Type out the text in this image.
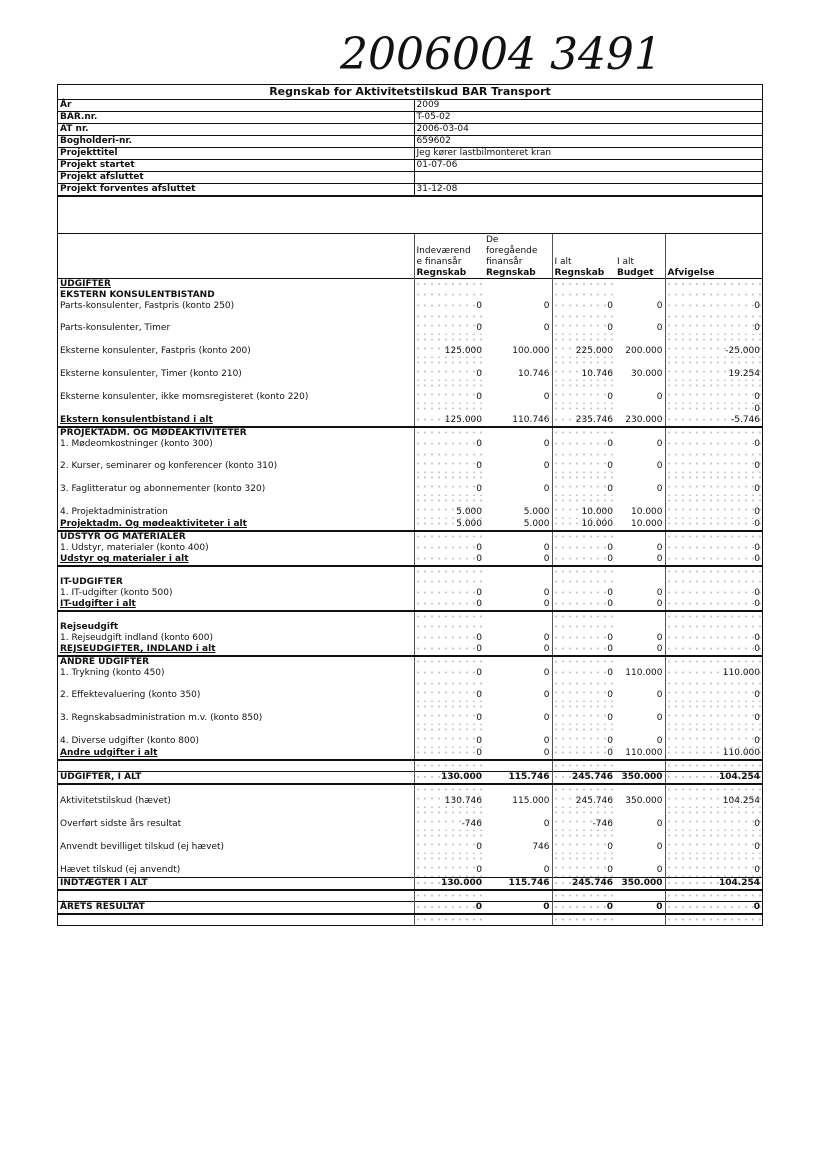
2006004 3491
Regnskab for Aktivitetstilskud BAR Transport
År	2009
BAR.nr.	T-05-02
AT nr.	2006-03-04
Bogholderi-nr.	659602
Projekttitel	Jeg kører lastbilmonteret kran
Projekt startet	01-07-06
Projekt afsluttet	
Projekt forventes afsluttet	31-12-08
		De			
	Indeværend	foregående			
	e finansår	finansår	I alt	I alt	
	Regnskab	Regnskab	Regnskab	Budget	Afvigelse
UDGIFTER					
EKSTERN KONSULENTBISTAND					
Parts-konsulenter, Fastpris (konto 250)	0	0	0	0	0
Parts-konsulenter, Timer	0	0	0	0	0
Eksterne konsulenter, Fastpris (konto 200)	125.000	100.000	225.000	200.000	-25.000
Eksterne konsulenter, Timer (konto 210)	0	10.746	10.746	30.000	19.254
Eksterne konsulenter, ikke momsregisteret (konto 220)	0	0	0	0	0
					0
Ekstern konsulentbistand i alt	125.000	110.746	235.746	230.000	-5.746
PROJEKTADM. OG MØDEAKTIVITETER					
1. Mødeomkostninger (konto 300)	0	0	0	0	0
2. Kurser, seminarer og konferencer (konto 310)	0	0	0	0	0
3. Faglitteratur og abonnementer (konto 320)	0	0	0	0	0
4. Projektadministration	5.000	5.000	10.000	10.000	0
Projektadm. Og mødeaktiviteter i alt	5.000	5.000	10.000	10.000	0
UDSTYR OG MATERIALER					
1. Udstyr, materialer (konto 400)	0	0	0	0	0
Udstyr og materialer i alt	0	0	0	0	0

IT-UDGIFTER					
1. IT-udgifter (konto 500)	0	0	0	0	0
IT-udgifter i alt	0	0	0	0	0

Rejseudgift					
1. Rejseudgift indland (konto 600)	0	0	0	0	0
REJSEUDGIFTER, INDLAND i alt	0	0	0	0	0
ANDRE UDGIFTER					
1. Trykning (konto 450)	0	0	0	110.000	110.000
2. Effektevaluering (konto 350)	0	0	0	0	0
3. Regnskabsadministration m.v. (konto 850)	0	0	0	0	0
4. Diverse udgifter (konto 800)	0	0	0	0	0
Andre udgifter i alt	0	0	0	110.000	110.000

UDGIFTER, I ALT	130.000	115.746	245.746	350.000	104.254
Aktivitetstilskud (hævet)	130.746	115.000	245.746	350.000	104.254
Overført sidste års resultat	-746	0	-746	0	0
Anvendt bevilliget tilskud (ej hævet)	0	746	0	0	0
Hævet tilskud (ej anvendt)	0	0	0	0	0
INDTÆGTER I ALT	130.000	115.746	245.746	350.000	104.254

ÅRETS RESULTAT	0	0	0	0	0
